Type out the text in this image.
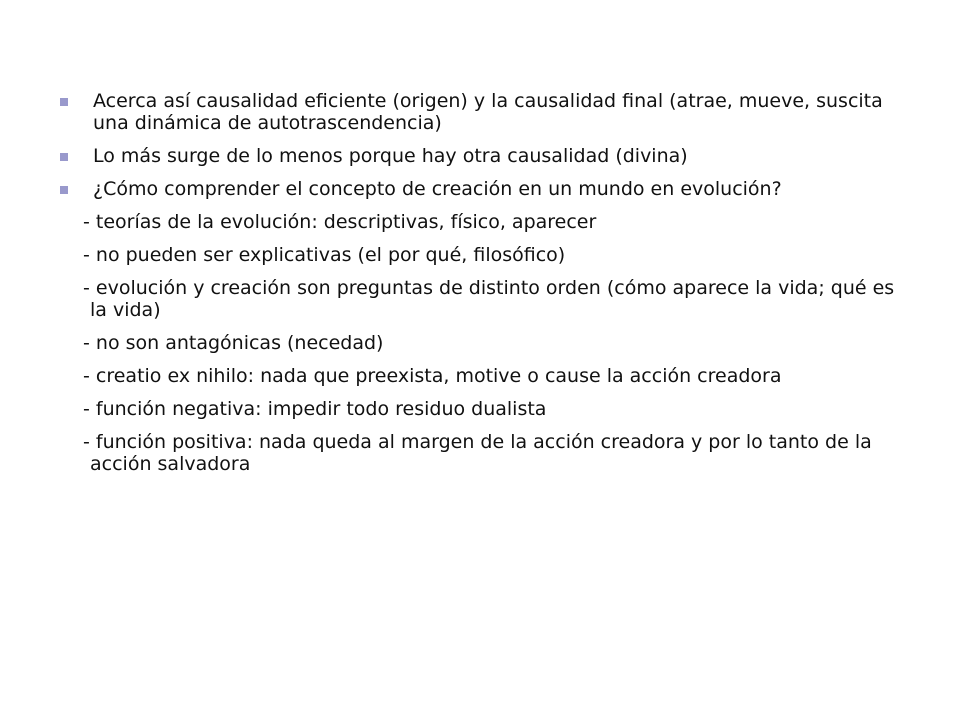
Acerca así causalidad eficiente (origen) y la causalidad final (atrae, mueve, suscita una dinámica de autotrascendencia)
Lo más surge de lo menos porque hay otra causalidad (divina)
¿Cómo comprender el concepto de creación en un mundo en evolución?
- teorías de la evolución: descriptivas, físico, aparecer
- no pueden ser explicativas (el por qué, filosófico)
- evolución y creación son preguntas de distinto orden (cómo aparece la vida; qué es la vida)
- no son antagónicas (necedad)
- creatio ex nihilo: nada que preexista, motive o cause la acción creadora
- función negativa: impedir todo residuo dualista
- función positiva: nada queda al margen de la acción creadora y por lo tanto de la acción salvadora
